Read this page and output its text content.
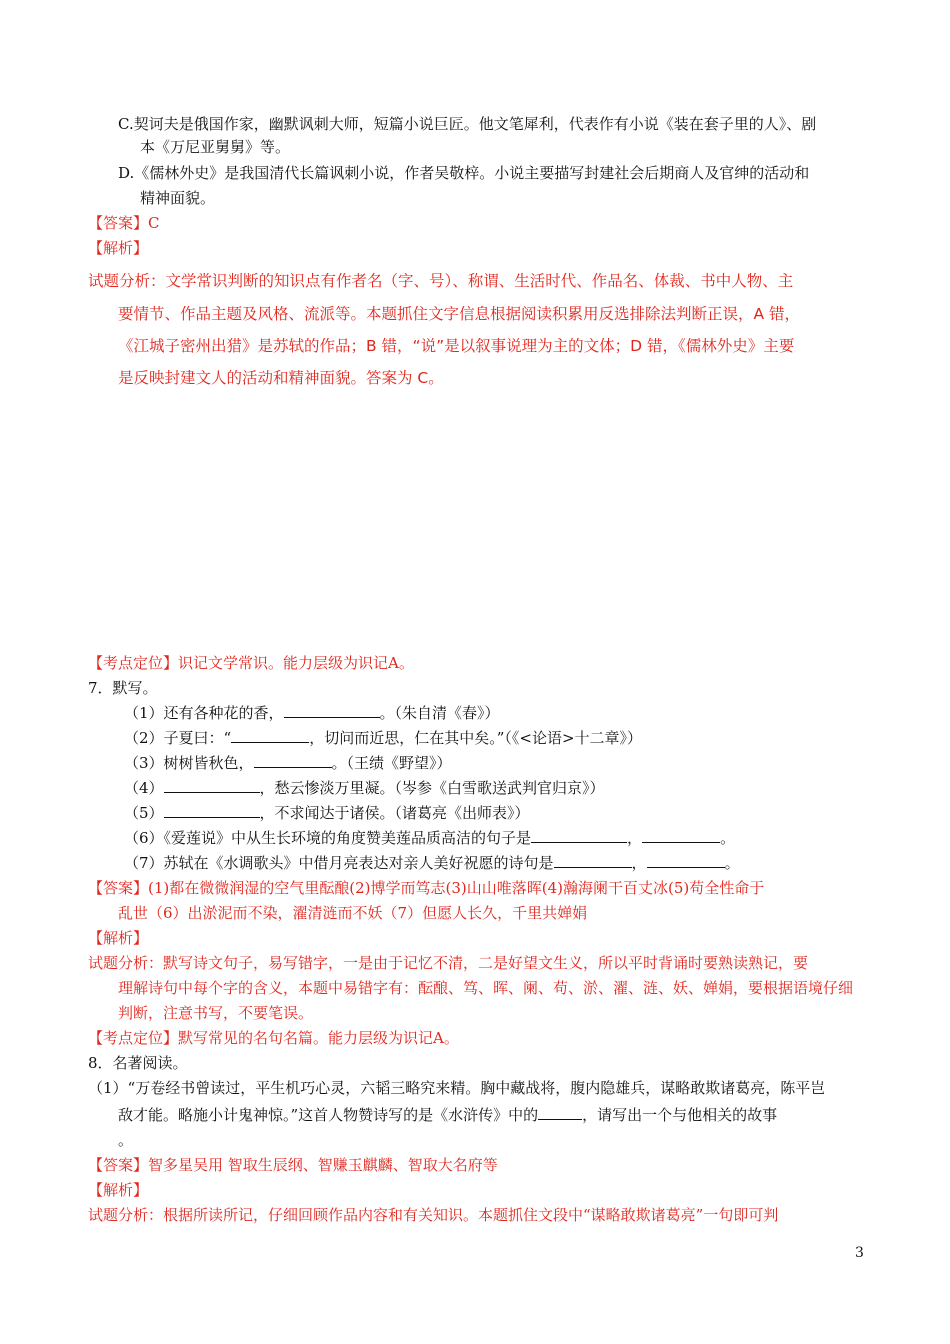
C.契诃夫是俄国作家，幽默讽刺大师，短篇小说巨匠。他文笔犀利，代表作有小说《装在套子里的人》、剧
本《万尼亚舅舅》等。
D.《儒林外史》是我国清代长篇讽刺小说，作者吴敬梓。小说主要描写封建社会后期商人及官绅的活动和
精神面貌。
【答案】C
【解析】
试题分析：文学常识判断的知识点有作者名（字、号）、称谓、生活时代、作品名、体裁、书中人物、主
要情节、作品主题及风格、流派等。本题抓住文字信息根据阅读积累用反选排除法判断正误，A 错，
《江城子密州出猎》是苏轼的作品；B 错，“说”是以叙事说理为主的文体；D 错，《儒林外史》主要
是反映封建文人的活动和精神面貌。答案为 C。
【考点定位】识记文学常识。能力层级为识记A。
7．默写。
（1）还有各种花的香，	。（朱自清《春》）
（2）子夏曰：“	，切问而近思，仁在其中矣。”（《<论语>十二章》）
（3）树树皆秋色，	。（王绩《野望》）
（4）	，愁云惨淡万里凝。（岑参《白雪歌送武判官归京》）
（5）	，不求闻达于诸侯。（诸葛亮《出师表》）
（6）《爱莲说》中从生长环境的角度赞美莲品质高洁的句子是	，	。
（7）苏轼在《水调歌头》中借月亮表达对亲人美好祝愿的诗句是	，	。
【答案】(1)都在微微润湿的空气里酝酿(2)博学而笃志(3)山山唯落晖(4)瀚海阑干百丈冰(5)苟全性命于
乱世（6）出淤泥而不染，濯清涟而不妖（7）但愿人长久，千里共婵娟
【解析】
试题分析：默写诗文句子，易写错字，一是由于记忆不清，二是好望文生义，所以平时背诵时要熟读熟记，要
理解诗句中每个字的含义，本题中易错字有：酝酿、笃、晖、阑、苟、淤、濯、涟、妖、婵娟，要根据语境仔细
判断，注意书写，不要笔误。
【考点定位】默写常见的名句名篇。能力层级为识记A。
8．名著阅读。
（1）“万卷经书曾读过，平生机巧心灵，六韬三略究来精。胸中藏战将，腹内隐雄兵，谋略敢欺诸葛亮，陈平岂
敌才能。略施小计鬼神惊。”这首人物赞诗写的是《水浒传》中的	，请写出一个与他相关的故事
。
【答案】智多星吴用 智取生辰纲、智赚玉麒麟、智取大名府等
【解析】
试题分析：根据所读所记，仔细回顾作品内容和有关知识。本题抓住文段中“谋略敢欺诸葛亮”一句即可判
3
